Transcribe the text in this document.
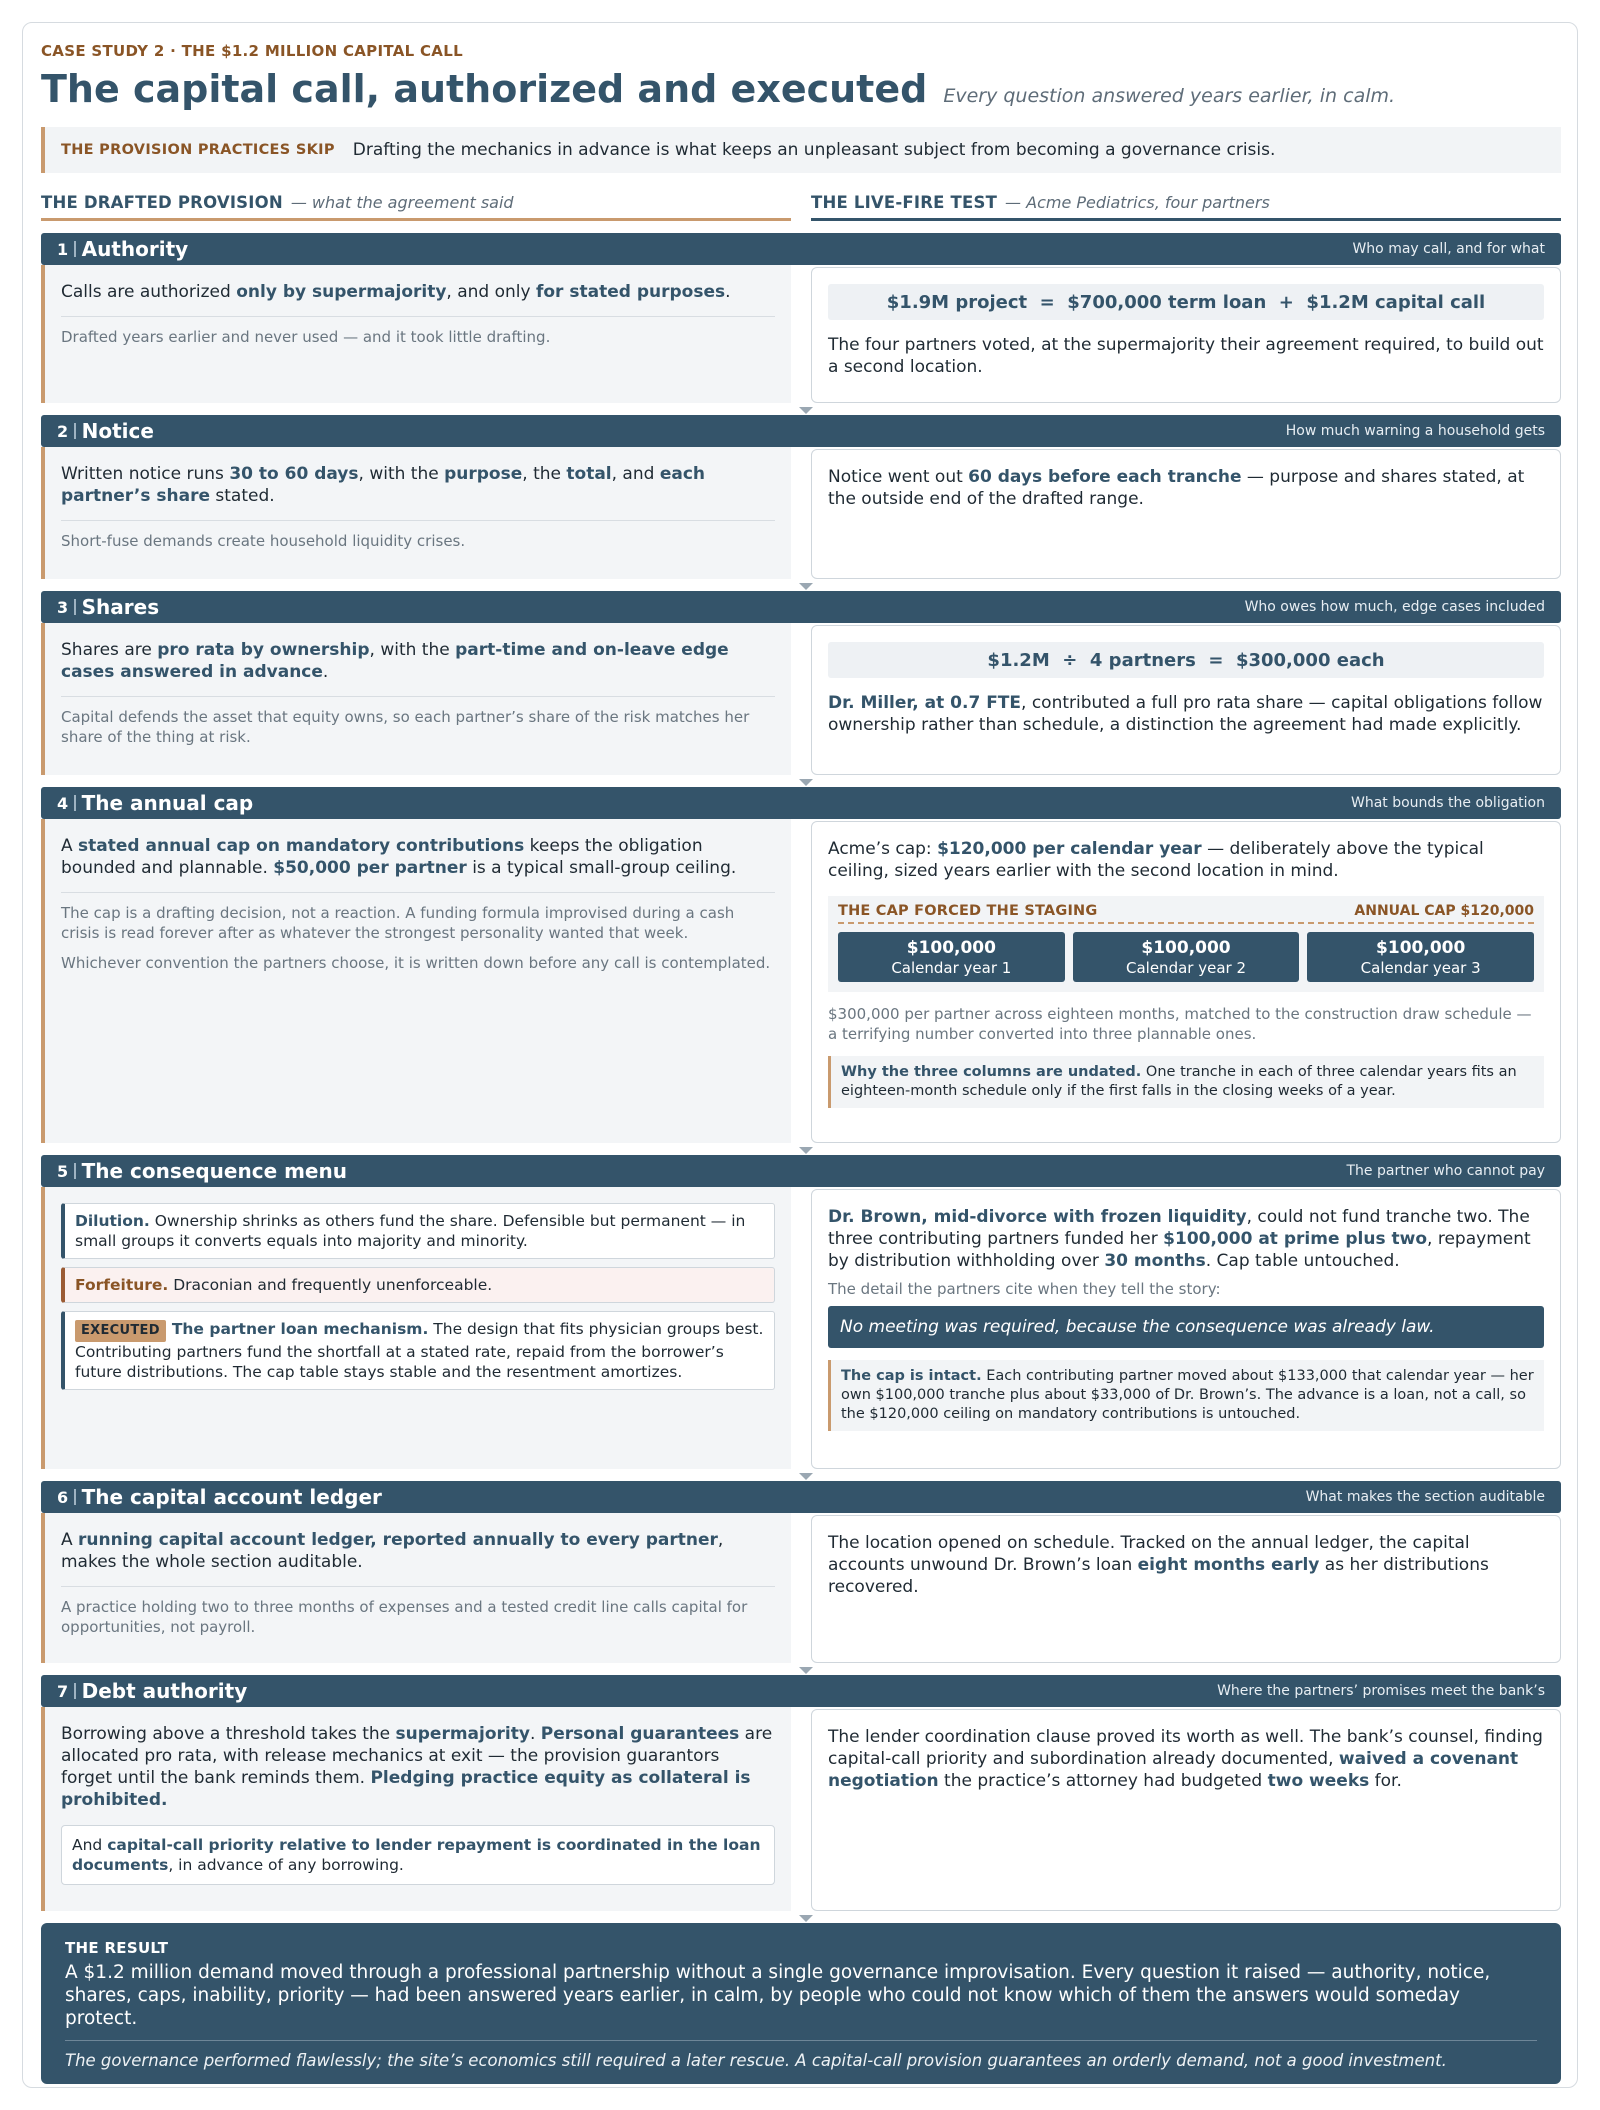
CASE STUDY 2 · THE $1.2 MILLION CAPITAL CALL
The capital call, authorized and executed Every question answered years earlier, in calm.
THE PROVISION PRACTICES SKIP Drafting the mechanics in advance is what keeps an unpleasant subject from becoming a governance crisis.
THE DRAFTED PROVISION — what the agreement said	THE LIVE-FIRE TEST — Acme Pediatrics, four partners
1 Authority	Who may call, and for what
Calls are authorized only by supermajority, and only for stated purposes.
Drafted years earlier and never used — and it took little drafting.
$1.9M project  =  $700,000 term loan  +  $1.2M capital call
The four partners voted, at the supermajority their agreement required, to build out a second location.
2 Notice	How much warning a household gets
Written notice runs 30 to 60 days, with the purpose, the total, and each partner’s share stated.
Short-fuse demands create household liquidity crises.
Notice went out 60 days before each tranche — purpose and shares stated, at the outside end of the drafted range.
3 Shares	Who owes how much, edge cases included
Shares are pro rata by ownership, with the part-time and on-leave edge cases answered in advance.
Capital defends the asset that equity owns, so each partner’s share of the risk matches her share of the thing at risk.
$1.2M  ÷  4 partners  =  $300,000 each
Dr. Miller, at 0.7 FTE, contributed a full pro rata share — capital obligations follow ownership rather than schedule, a distinction the agreement had made explicitly.
4 The annual cap	What bounds the obligation
A stated annual cap on mandatory contributions keeps the obligation bounded and plannable. $50,000 per partner is a typical small-group ceiling.
The cap is a drafting decision, not a reaction. A funding formula improvised during a cash crisis is read forever after as whatever the strongest personality wanted that week.
Whichever convention the partners choose, it is written down before any call is contemplated.
Acme’s cap: $120,000 per calendar year — deliberately above the typical ceiling, sized years earlier with the second location in mind.
THE CAP FORCED THE STAGING	ANNUAL CAP $120,000
$100,000
Calendar year 1
$100,000
Calendar year 2
$100,000
Calendar year 3
$300,000 per partner across eighteen months, matched to the construction draw schedule — a terrifying number converted into three plannable ones.
Why the three columns are undated. One tranche in each of three calendar years fits an eighteen-month schedule only if the first falls in the closing weeks of a year.
5 The consequence menu	The partner who cannot pay
Dilution. Ownership shrinks as others fund the share. Defensible but permanent — in small groups it converts equals into majority and minority.
Forfeiture. Draconian and frequently unenforceable.
EXECUTED The partner loan mechanism. The design that fits physician groups best. Contributing partners fund the shortfall at a stated rate, repaid from the borrower’s future distributions. The cap table stays stable and the resentment amortizes.
Dr. Brown, mid-divorce with frozen liquidity, could not fund tranche two. The three contributing partners funded her $100,000 at prime plus two, repayment by distribution withholding over 30 months. Cap table untouched.
The detail the partners cite when they tell the story:
No meeting was required, because the consequence was already law.
The cap is intact. Each contributing partner moved about $133,000 that calendar year — her own $100,000 tranche plus about $33,000 of Dr. Brown’s. The advance is a loan, not a call, so the $120,000 ceiling on mandatory contributions is untouched.
6 The capital account ledger	What makes the section auditable
A running capital account ledger, reported annually to every partner, makes the whole section auditable.
A practice holding two to three months of expenses and a tested credit line calls capital for opportunities, not payroll.
The location opened on schedule. Tracked on the annual ledger, the capital accounts unwound Dr. Brown’s loan eight months early as her distributions recovered.
7 Debt authority	Where the partners’ promises meet the bank’s
Borrowing above a threshold takes the supermajority. Personal guarantees are allocated pro rata, with release mechanics at exit — the provision guarantors forget until the bank reminds them. Pledging practice equity as collateral is prohibited.
And capital-call priority relative to lender repayment is coordinated in the loan documents, in advance of any borrowing.
The lender coordination clause proved its worth as well. The bank’s counsel, finding capital-call priority and subordination already documented, waived a covenant negotiation the practice’s attorney had budgeted two weeks for.
THE RESULT
A $1.2 million demand moved through a professional partnership without a single governance improvisation. Every question it raised — authority, notice, shares, caps, inability, priority — had been answered years earlier, in calm, by people who could not know which of them the answers would someday protect.
The governance performed flawlessly; the site’s economics still required a later rescue. A capital-call provision guarantees an orderly demand, not a good investment.
